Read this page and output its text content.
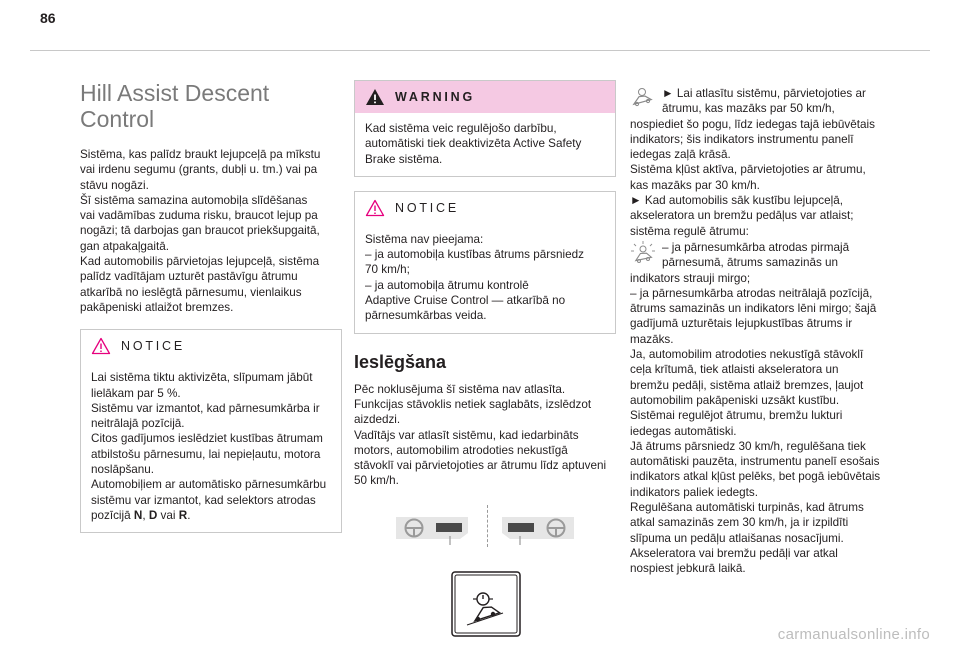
86
Hill Assist Descent Control

Sistēma, kas palīdz braukt lejupceļā pa mīkstu
vai irdenu segumu (grants, dubļi u. tm.) vai pa
stāvu nogāzi.
Šī sistēma samazina automobiļa slīdēšanas
vai vadāmības zuduma risku, braucot lejup pa
nogāzi; tā darbojas gan braucot priekšupgaitā,
gan atpakaļgaitā.
Kad automobilis pārvietojas lejupceļā, sistēma
palīdz vadītājam uzturēt pastāvīgu ātrumu
atkarībā no ieslēgtā pārnesumu, vienlaikus
pakāpeniski atlaižot bremzes.

NOTICE

Lai sistēma tiktu aktivizēta, slīpumam jābūt
lielākam par 5 %.
Sistēmu var izmantot, kad pārnesumkārba ir
neitrālajā pozīcijā.
Citos gadījumos ieslēdziet kustības ātrumam
atbilstošu pārnesumu, lai nepieļautu, motora
noslāpšanu.
Automobiļiem ar automātisko pārnesumkārbu
sistēmu var izmantot, kad selektors atrodas
pozīcijā N, D vai R.

WARNING

Kad sistēma veic regulējošo darbību,
automātiski tiek deaktivizēta Active Safety
Brake sistēma.

NOTICE

Sistēma nav pieejama:
– ja automobiļa kustības ātrums pārsniedz
70 km/h;
– ja automobiļa ātrumu kontrolē
Adaptive Cruise Control — atkarībā no
pārnesumkārbas veida.

Ieslēgšana

Pēc noklusējuma šī sistēma nav atlasīta.
Funkcijas stāvoklis netiek saglabāts, izslēdzot
aizdedzi.
Vadītājs var atlasīt sistēmu, kad iedarbināts
motors, automobilim atrodoties nekustīgā
stāvoklī vai pārvietojoties ar ātrumu līdz aptuveni
50 km/h.

► Lai atlasītu sistēmu, pārvietojoties ar
ātrumu, kas mazāks par 50 km/h,
nospiediet šo pogu, līdz iedegas tajā iebūvētais
indikators; šis indikators instrumentu panelī
iedegas zaļā krāsā.
Sistēma kļūst aktīva, pārvietojoties ar ātrumu,
kas mazāks par 30 km/h.
► Kad automobilis sāk kustību lejupceļā,
akseleratora un bremžu pedāļus var atlaist;
sistēma regulē ātrumu:

– ja pārnesumkārba atrodas pirmajā
pārnesumā, ātrums samazinās un
indikators strauji mirgo;

– ja pārnesumkārba atrodas neitrālajā pozīcijā,
ātrums samazinās un indikators lēni mirgo; šajā
gadījumā uzturētais lejupkustības ātrums ir
mazāks.
Ja, automobilim atrodoties nekustīgā stāvoklī
ceļa krītumā, tiek atlaisti akseleratora un
bremžu pedāļi, sistēma atlaiž bremzes, ļaujot
automobilim pakāpeniski uzsākt kustību.
Sistēmai regulējot ātrumu, bremžu lukturi
iedegas automātiski.
Jā ātrums pārsniedz 30 km/h, regulēšana tiek
automātiski pauzēta, instrumentu panelī esošais
indikators atkal kļūst pelēks, bet pogā iebūvētais
indikators paliek iedegts.
Regulēšana automātiski turpinās, kad ātrums
atkal samazinās zem 30 km/h, ja ir izpildīti
slīpuma un pedāļu atlaišanas nosacījumi.
Akseleratora vai bremžu pedāļi var atkal
nospiest jebkurā laikā.

carmanualsonline.info
